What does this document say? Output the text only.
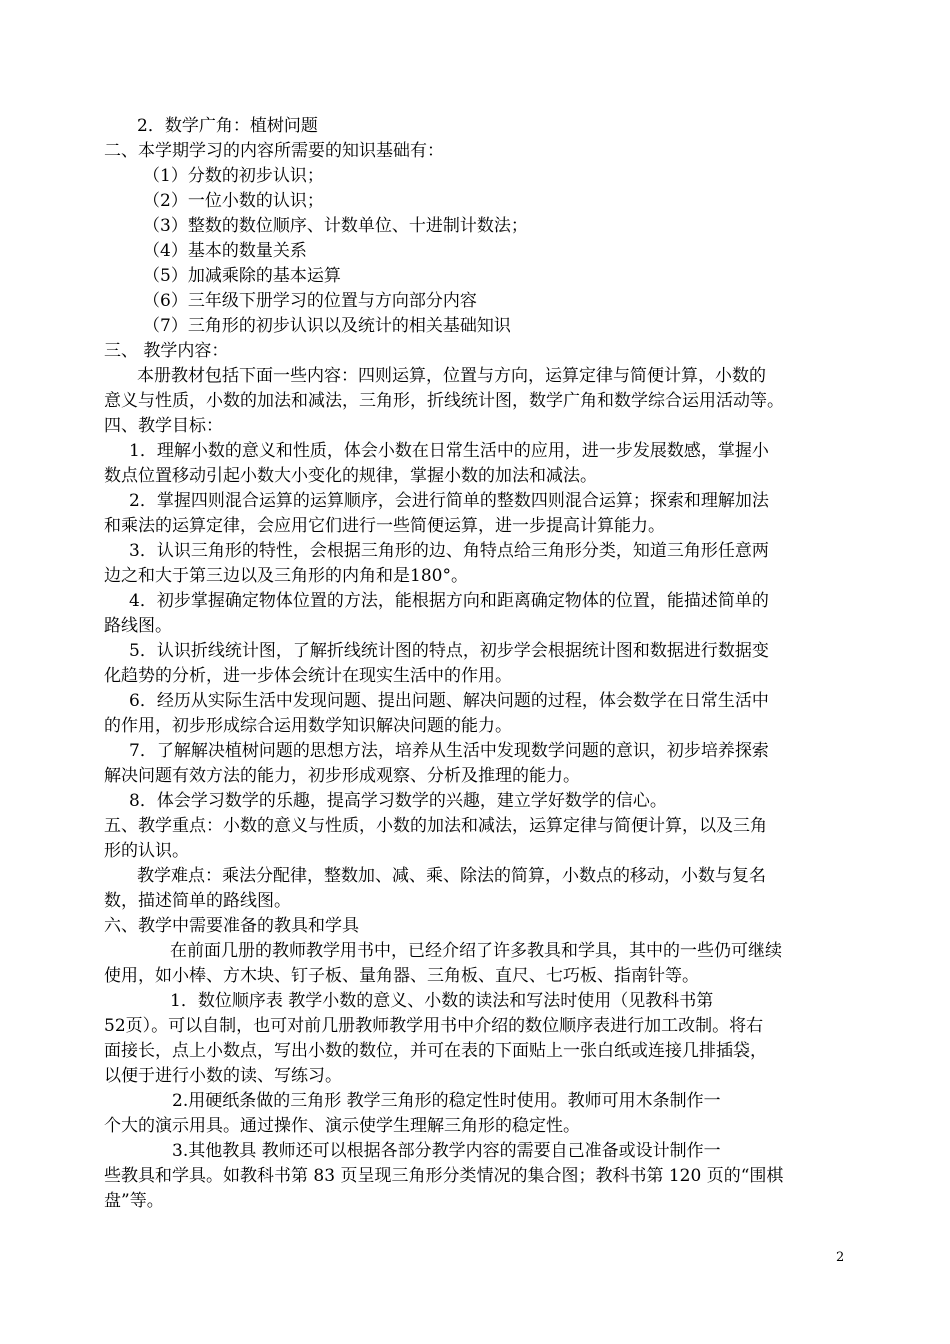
2．数学广角：植树问题
二、本学期学习的内容所需要的知识基础有：
（1）分数的初步认识；
（2）一位小数的认识；
（3）整数的数位顺序、计数单位、十进制计数法；
（4）基本的数量关系
（5）加减乘除的基本运算
（6）三年级下册学习的位置与方向部分内容
（7）三角形的初步认识以及统计的相关基础知识
三、 教学内容：
本册教材包括下面一些内容：四则运算，位置与方向，运算定律与简便计算，小数的
意义与性质，小数的加法和减法，三角形，折线统计图，数学广角和数学综合运用活动等。
四、教学目标：
1．理解小数的意义和性质，体会小数在日常生活中的应用，进一步发展数感，掌握小
数点位置移动引起小数大小变化的规律，掌握小数的加法和减法。
2．掌握四则混合运算的运算顺序，会进行简单的整数四则混合运算；探索和理解加法
和乘法的运算定律，会应用它们进行一些简便运算，进一步提高计算能力。
3．认识三角形的特性，会根据三角形的边、角特点给三角形分类，知道三角形任意两
边之和大于第三边以及三角形的内角和是180°。
4．初步掌握确定物体位置的方法，能根据方向和距离确定物体的位置，能描述简单的
路线图。
5．认识折线统计图，了解折线统计图的特点，初步学会根据统计图和数据进行数据变
化趋势的分析，进一步体会统计在现实生活中的作用。
6．经历从实际生活中发现问题、提出问题、解决问题的过程，体会数学在日常生活中
的作用，初步形成综合运用数学知识解决问题的能力。
7．了解解决植树问题的思想方法，培养从生活中发现数学问题的意识，初步培养探索
解决问题有效方法的能力，初步形成观察、分析及推理的能力。
8．体会学习数学的乐趣，提高学习数学的兴趣，建立学好数学的信心。
五、教学重点：小数的意义与性质，小数的加法和减法，运算定律与简便计算，以及三角
形的认识。
教学难点：乘法分配律，整数加、减、乘、除法的简算，小数点的移动，小数与复名
数，描述简单的路线图。
六、教学中需要准备的教具和学具
在前面几册的教师教学用书中，已经介绍了许多教具和学具，其中的一些仍可继续
使用，如小棒、方木块、钉子板、量角器、三角板、直尺、七巧板、指南针等。
1．数位顺序表 教学小数的意义、小数的读法和写法时使用（见教科书第
52页）。可以自制，也可对前几册教师教学用书中介绍的数位顺序表进行加工改制。将右
面接长，点上小数点，写出小数的数位，并可在表的下面贴上一张白纸或连接几排插袋，
以便于进行小数的读、写练习。
2.用硬纸条做的三角形 教学三角形的稳定性时使用。教师可用木条制作一
个大的演示用具。通过操作、演示使学生理解三角形的稳定性。
3.其他教具 教师还可以根据各部分教学内容的需要自己准备或设计制作一
些教具和学具。如教科书第 83 页呈现三角形分类情况的集合图；教科书第 120 页的“围棋
盘”等。
2
